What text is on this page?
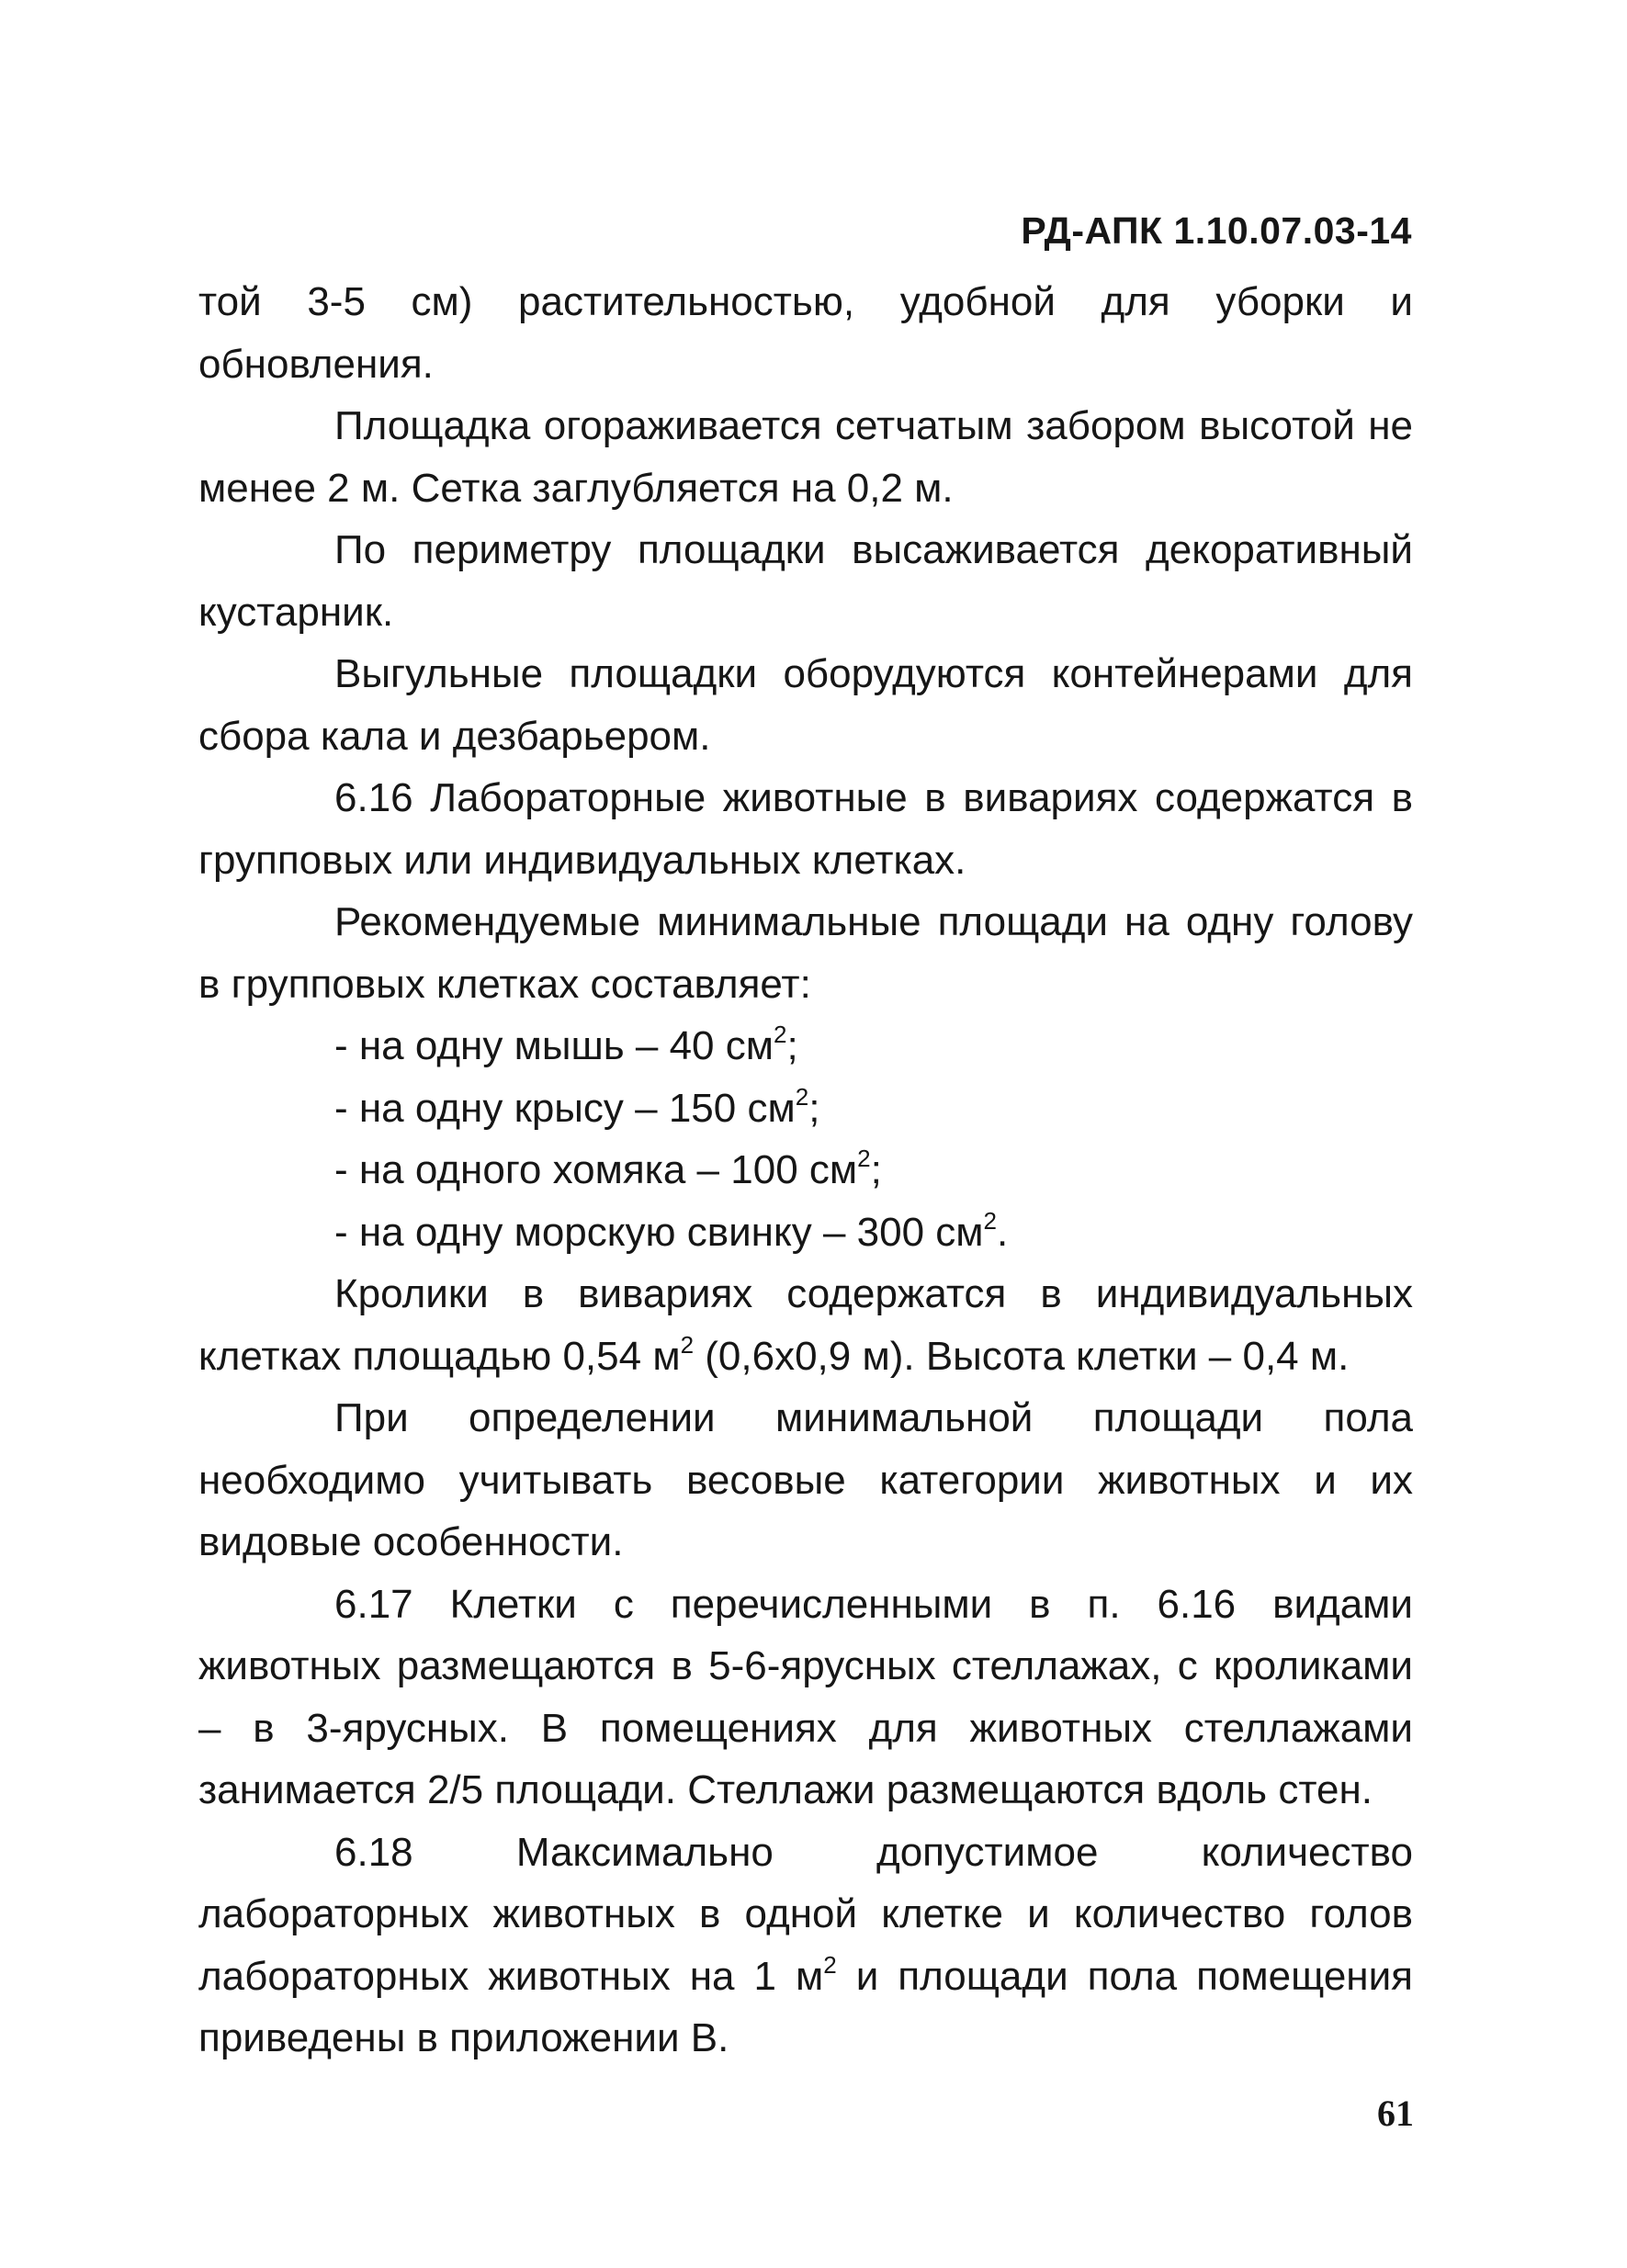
РД-АПК 1.10.07.03-14

той 3-5 см) растительностью, удобной для уборки и обновления.

Площадка огораживается сетчатым забором высотой не менее 2 м. Сетка заглубляется на 0,2 м.

По периметру площадки высаживается декоративный кустарник.

Выгульные площадки оборудуются контейнерами для сбора кала и дезбарьером.

6.16 Лабораторные животные в вивариях содержатся в групповых или индивидуальных клетках.

Рекомендуемые минимальные площади на одну голову в групповых клетках составляет:

- на одну мышь – 40 $см^2$;

- на одну крысу – 150 $см^2$;

- на одного хомяка – 100 $см^2$;

- на одну морскую свинку – 300 $см^2$.

Кролики в вивариях содержатся в индивидуальных клетках площадью 0,54 $м^2$ (0,6х0,9 м). Высота клетки – 0,4 м.

При определении минимальной площади пола необходимо учитывать весовые категории животных и их видовые особенности.

6.17 Клетки с перечисленными в п. 6.16 видами животных размещаются в 5-6-ярусных стеллажах, с кроликами – в 3-ярусных. В помещениях для животных стеллажами занимается 2/5 площади. Стеллажи размещаются вдоль стен.

6.18 Максимально допустимое количество лабораторных животных в одной клетке и количество голов лабораторных животных на 1 $м^2$ и площади пола помещения приведены в приложении В.

61
